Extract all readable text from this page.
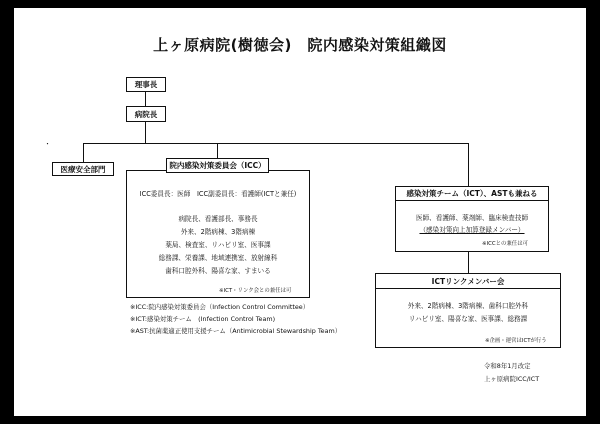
上ヶ原病院(樹徳会)　院内感染対策組織図
理事長
病院長
・
医療安全部門	院内感染対策委員会（ICC）
ICC委員長：医師　ICC副委員長：看護師(ICTと兼任)
病院長、看護部長、事務長
外来、2階病棟、3階病棟
薬局、検査室、リハビリ室、医事課
総務課、栄養課、地域連携室、放射線科
歯科口腔外科、陽喜な家、すまいる
※ICT・リンク会との兼任は可
感染対策チーム（ICT）、ASTも兼ねる
医師、看護師、薬剤師、臨床検査技師
（感染対策向上加算登録メンバー）
※ICCとの兼任は可
ICTリンクメンバー会
外来、2階病棟、3階病棟、歯科口腔外科
リハビリ室、陽喜な家、医事課、総務課
※企画・運営はICTが行う
※ICC:院内感染対策委員会（Infection Control Committee）
※ICT:感染対策チーム　(Infection Control Team)
※AST:抗菌薬適正使用支援チーム（Antimicrobial Stewardship Team）
令和8年1月改定
上ヶ原病院ICC/ICT
